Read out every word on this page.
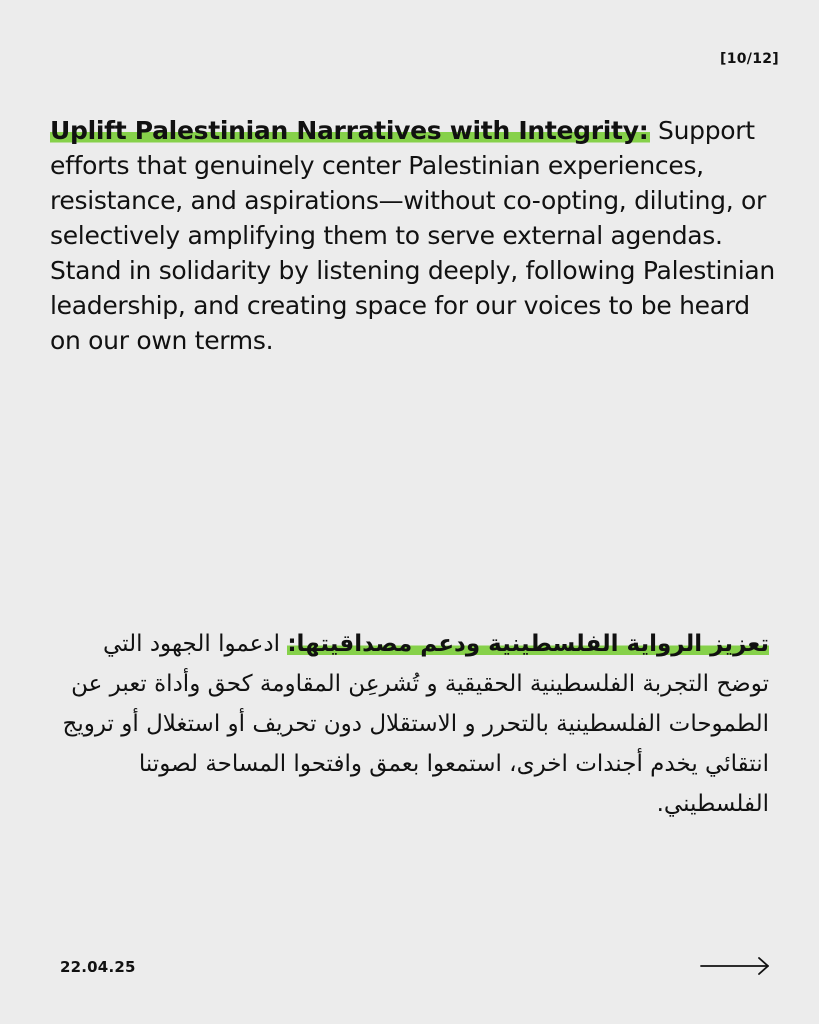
[10/12]
Uplift Palestinian Narratives with Integrity: Support efforts that genuinely center Palestinian experiences, resistance, and aspirations—without co-opting, diluting, or selectively amplifying them to serve external agendas. Stand in solidarity by listening deeply, following Palestinian leadership, and creating space for our voices to be heard on our own terms.
تعزيز الرواية الفلسطينية ودعم مصداقيتها: ادعموا الجهود التي توضح التجربة الفلسطينية الحقيقية و تُشرعِن المقاومة كحق وأداة تعبر عن الطموحات الفلسطينية بالتحرر و الاستقلال دون تحريف أو استغلال أو ترويج انتقائي يخدم أجندات اخرى، استمعوا بعمق وافتحوا المساحة لصوتنا الفلسطيني.
22.04.25
